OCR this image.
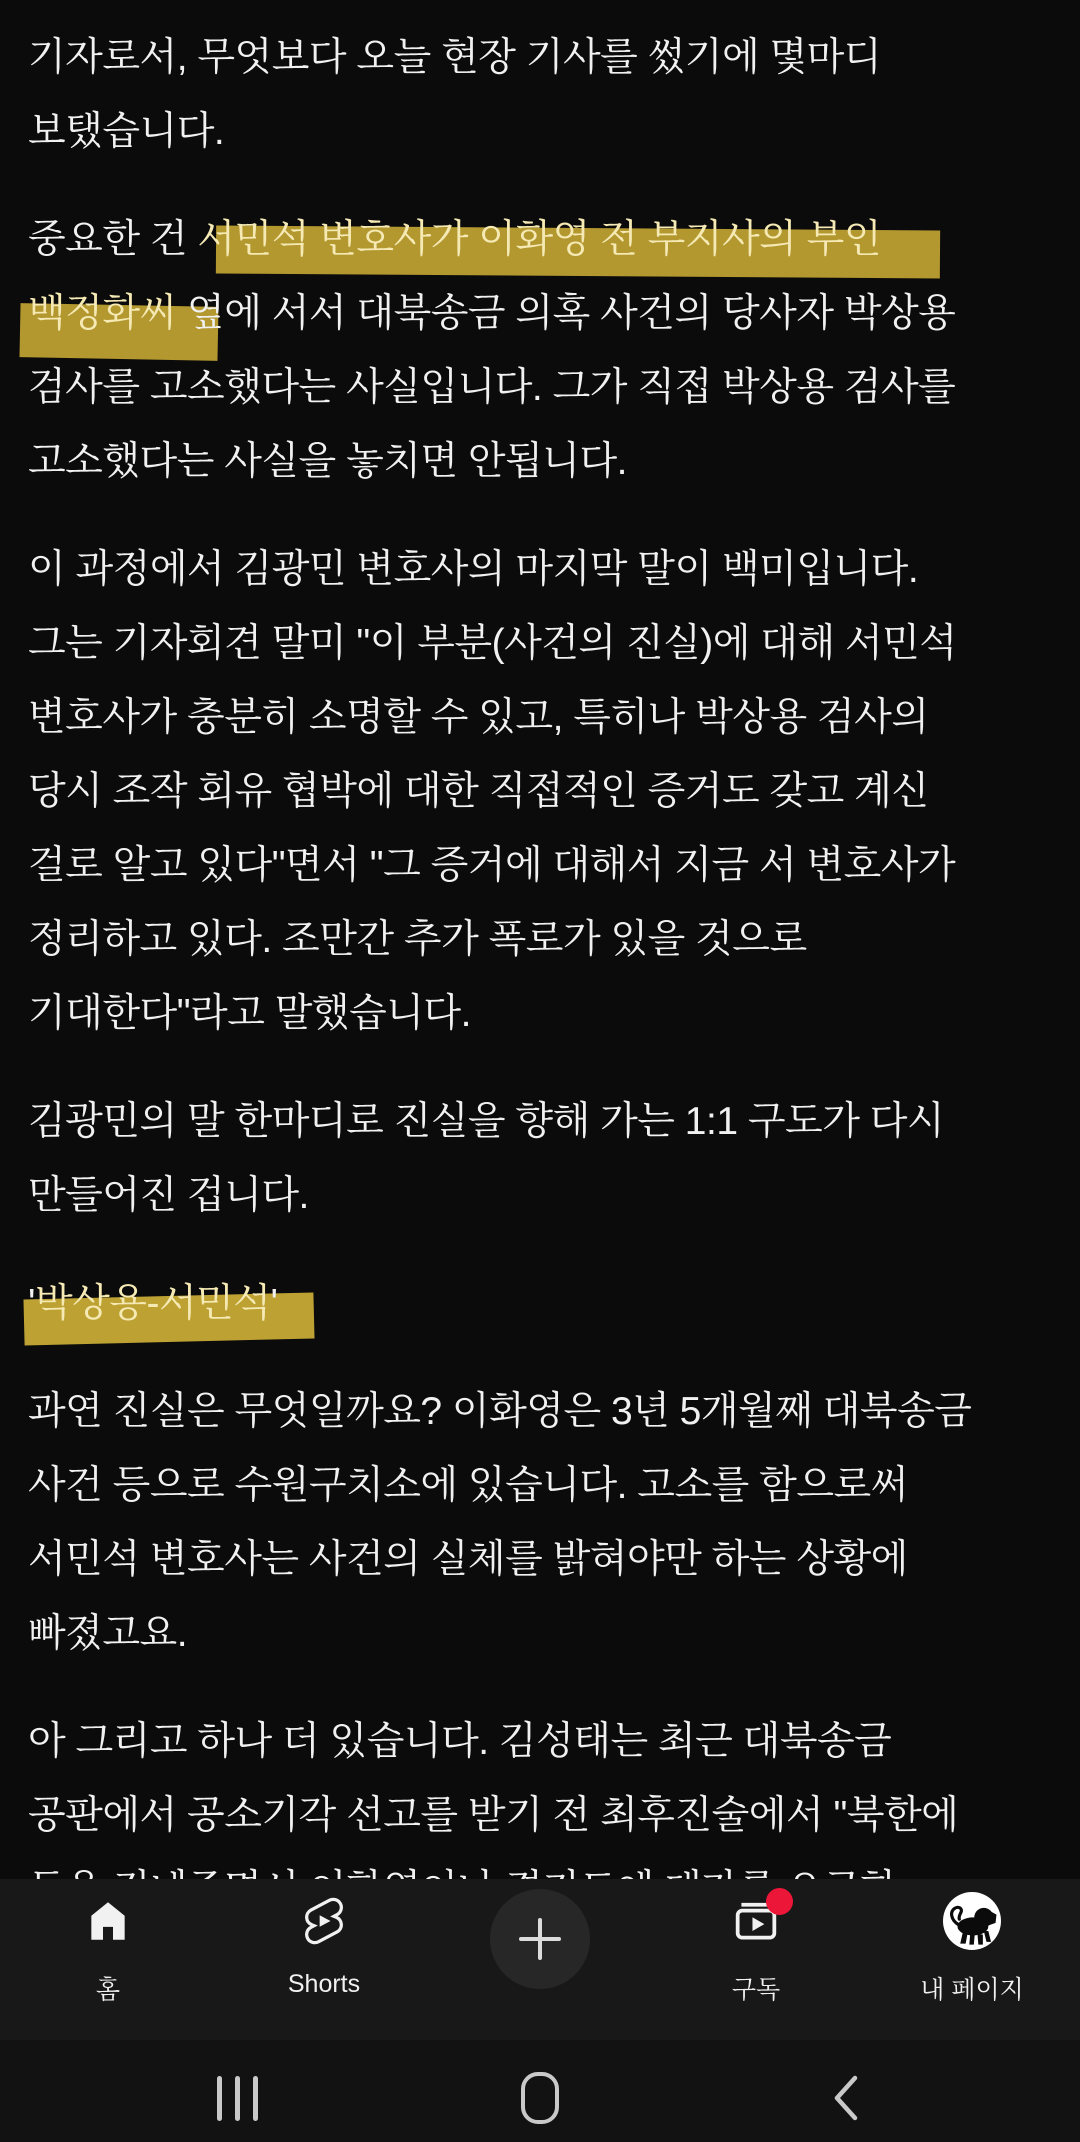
기자로서, 무엇보다 오늘 현장 기사를 썼기에 몇마디
보탰습니다.
중요한 건 서민석 변호사가 이화영 전 부지사의 부인
백정화씨 옆에 서서 대북송금 의혹 사건의 당사자 박상용
검사를 고소했다는 사실입니다. 그가 직접 박상용 검사를
고소했다는 사실을 놓치면 안됩니다.
이 과정에서 김광민 변호사의 마지막 말이 백미입니다.
그는 기자회견 말미 "이 부분(사건의 진실)에 대해 서민석
변호사가 충분히 소명할 수 있고, 특히나 박상용 검사의
당시 조작 회유 협박에 대한 직접적인 증거도 갖고 계신
걸로 알고 있다"면서 "그 증거에 대해서 지금 서 변호사가
정리하고 있다. 조만간 추가 폭로가 있을 것으로
기대한다"라고 말했습니다.
김광민의 말 한마디로 진실을 향해 가는 1:1 구도가 다시
만들어진 겁니다.
'박상용-서민석'
과연 진실은 무엇일까요? 이화영은 3년 5개월째 대북송금
사건 등으로 수원구치소에 있습니다. 고소를 함으로써
서민석 변호사는 사건의 실체를 밝혀야만 하는 상황에
빠졌고요.
아 그리고 하나 더 있습니다. 김성태는 최근 대북송금
공판에서 공소기각 선고를 받기 전 최후진술에서 "북한에
홈	Shorts	구독	내 페이지
